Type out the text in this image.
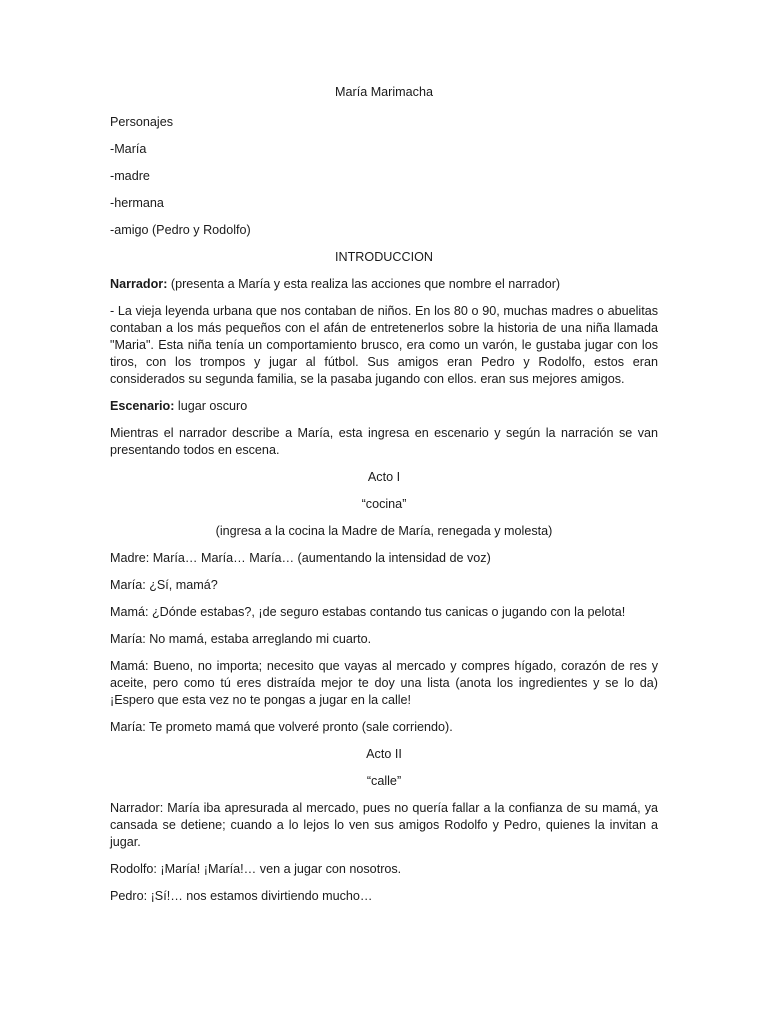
María Marimacha
Personajes
-María
-madre
-hermana
-amigo (Pedro y Rodolfo)
INTRODUCCION
Narrador: (presenta a María y esta realiza las acciones que nombre el narrador)
- La vieja leyenda urbana que nos contaban de niños. En los 80 o 90, muchas madres o abuelitas contaban a los más pequeños con el afán de entretenerlos sobre la historia de una niña llamada "Maria". Esta niña tenía un comportamiento brusco, era como un varón, le gustaba jugar con los tiros, con los trompos y jugar al fútbol. Sus amigos eran Pedro y Rodolfo, estos eran considerados su segunda familia, se la pasaba jugando con ellos. eran sus mejores amigos.
Escenario: lugar oscuro
Mientras el narrador describe a María, esta ingresa en escenario y según la narración se van presentando todos en escena.
Acto I
“cocina”
(ingresa a la cocina la Madre de María, renegada y molesta)
Madre: María… María… María… (aumentando la intensidad de voz)
María: ¿Sí, mamá?
Mamá: ¿Dónde estabas?, ¡de seguro estabas contando tus canicas o jugando con la pelota!
María: No mamá, estaba arreglando mi cuarto.
Mamá: Bueno, no importa; necesito que vayas al mercado y compres hígado, corazón de res y aceite, pero como tú eres distraída mejor te doy una lista (anota los ingredientes y se lo da) ¡Espero que esta vez no te pongas a jugar en la calle!
María: Te prometo mamá que volveré pronto (sale corriendo).
Acto II
“calle”
Narrador: María iba apresurada al mercado, pues no quería fallar a la confianza de su mamá, ya cansada se detiene; cuando a lo lejos lo ven sus amigos Rodolfo y Pedro, quienes la invitan a jugar.
Rodolfo: ¡María! ¡María!… ven a jugar con nosotros.
Pedro: ¡Sí!… nos estamos divirtiendo mucho…
